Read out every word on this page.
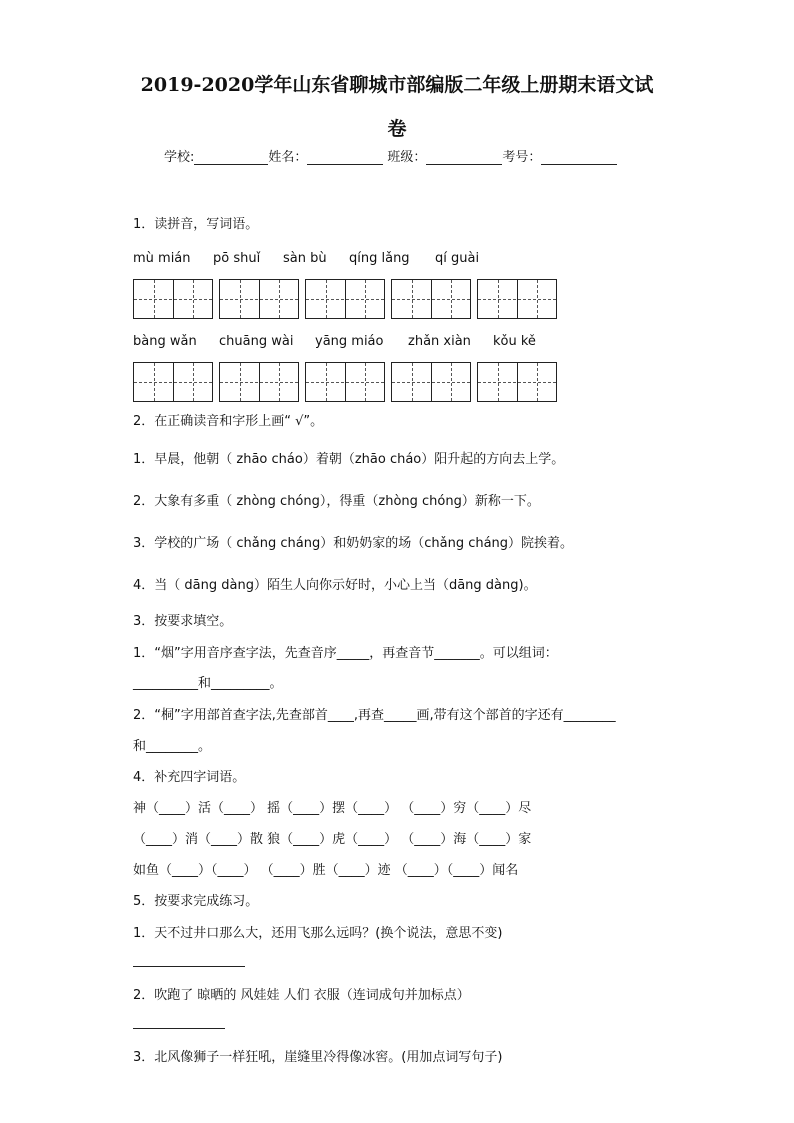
2019-2020学年山东省聊城市部编版二年级上册期末语文试
卷
学校:	姓名：	班级：	考号：
1．读拼音，写词语。
mù mián pō shuǐ sàn bù qíng lǎng qí guài
bàng wǎn chuāng wài yāng miáo zhǎn xiàn kǒu kě
2．在正确读音和字形上画“ √”。
1．早晨，他朝（ zhāo cháo）着朝（zhāo cháo）阳升起的方向去上学。
2．大象有多重（ zhòng chóng），得重（zhòng chóng）新称一下。
3．学校的广场（ chǎng cháng）和奶奶家的场（chǎng cháng）院挨着。
4．当（ dāng dàng）陌生人向你示好时，小心上当（dāng dàng)。
3．按要求填空。
1．“烟”字用音序查字法，先查音序_____，再查音节_______。可以组词：
__________和_________。
2．“桐”字用部首查字法,先查部首____,再查_____画,带有这个部首的字还有________
和________。
4．补充四字词语。
神（____）活（____） 摇（____）摆（____） （____）穷（____）尽
（____）消（____）散 狼（____）虎（____） （____）海（____）家
如鱼（____）（____） （____）胜（____）迹 （____）（____）闻名
5．按要求完成练习。
1．天不过井口那么大，还用飞那么远吗？(换个说法，意思不变)
2．吹跑了 晾晒的 风娃娃 人们 衣服（连词成句并加标点）
3．北风像狮子一样狂吼，崖缝里冷得像冰窖。(用加点词写句子)
